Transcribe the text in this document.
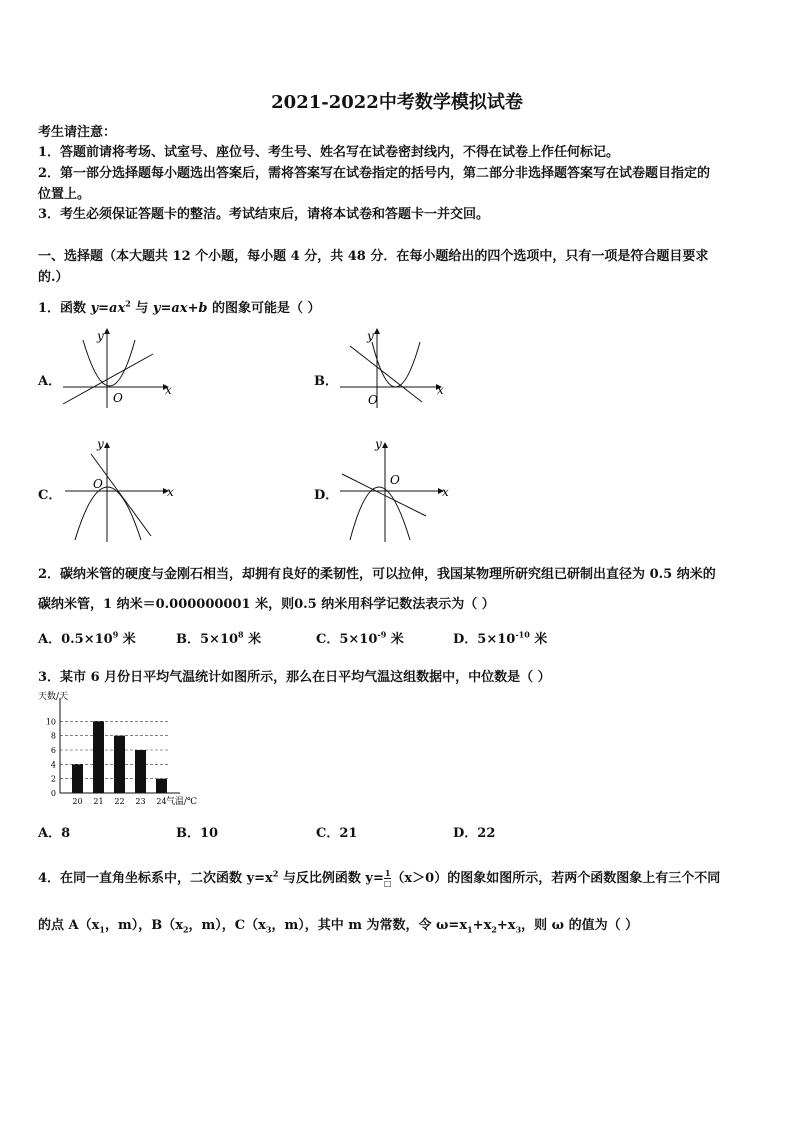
2021-2022中考数学模拟试卷
考生请注意：
1．答题前请将考场、试室号、座位号、考生号、姓名写在试卷密封线内，不得在试卷上作任何标记。
2．第一部分选择题每小题选出答案后，需将答案写在试卷指定的括号内，第二部分非选择题答案写在试卷题目指定的
位置上。
3．考生必须保证答题卡的整洁。考试结束后，请将本试卷和答题卡一并交回。
一、选择题（本大题共 12 个小题，每小题 4 分，共 48 分．在每小题给出的四个选项中，只有一项是符合题目要求
的.）
1．函数 $y=ax^2$ 与 y=ax+b 的图象可能是（ ）
A．
x
y
O
B．
x
y
O
C．	x
y
O
D．	x
y
O
2．碳纳米管的硬度与金刚石相当，却拥有良好的柔韧性，可以拉伸，我国某物理所研究组已研制出直径为 0.5 纳米的
碳纳米管，1 纳米＝0.000000001 米，则0.5 纳米用科学记数法表示为（ ）
A．$0.5\times 10^9$ 米	B．$5\times 10^8$ 米	C．$5\times 10^{-9}$ 米	D．$5\times 10^{-10}$ 米
3．某市 6 月份日平均气温统计如图所示，那么在日平均气温这组数据中，中位数是（ ）
0
2
4
6
8
10
20 21 22 23 24
天数/天
气温/℃
A．8	B．10	C．21	D．22
4．在同一直角坐标系中，二次函数 $y=x^2$ 与反比例函数 y= 1
□ （x＞0）的图象如图所示，若两个函数图象上有三个不同
的点 $A(x_1$，m），$B(x_2$，m），$C(x_3$，m），其中 m 为常数，令 $\omega=x_1+x_2+x_3$，则 ω 的值为（ ）
